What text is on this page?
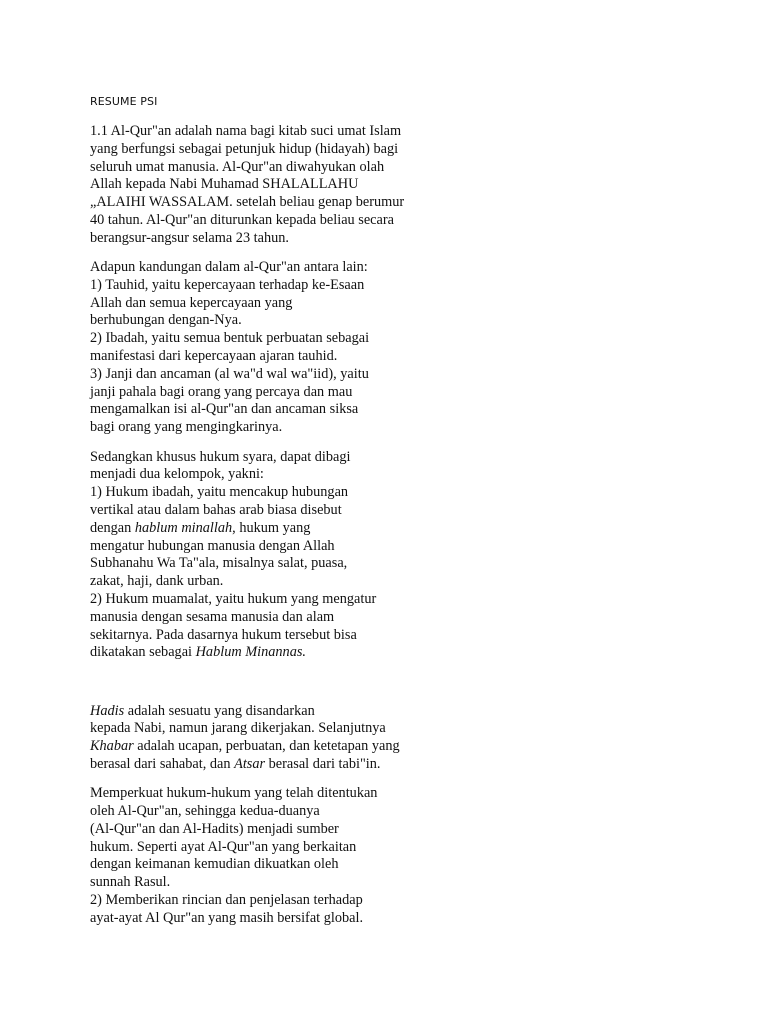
RESUME PSI
1.1 Al-Qur"an adalah nama bagi kitab suci umat Islam
yang berfungsi sebagai petunjuk hidup (hidayah) bagi
seluruh umat manusia. Al-Qur"an diwahyukan olah
Allah kepada Nabi Muhamad SHALALLAHU
„ALAIHI WASSALAM. setelah beliau genap berumur
40 tahun. Al-Qur"an diturunkan kepada beliau secara
berangsur-angsur selama 23 tahun.
Adapun kandungan dalam al-Qur"an antara lain:
1) Tauhid, yaitu kepercayaan terhadap ke-Esaan
Allah dan semua kepercayaan yang
berhubungan dengan-Nya.
2) Ibadah, yaitu semua bentuk perbuatan sebagai
manifestasi dari kepercayaan ajaran tauhid.
3) Janji dan ancaman (al wa"d wal wa"iid), yaitu
janji pahala bagi orang yang percaya dan mau
mengamalkan isi al-Qur"an dan ancaman siksa
bagi orang yang mengingkarinya.
Sedangkan khusus hukum syara, dapat dibagi
menjadi dua kelompok, yakni:
1) Hukum ibadah, yaitu mencakup hubungan
vertikal atau dalam bahas arab biasa disebut
dengan hablum minallah, hukum yang
mengatur hubungan manusia dengan Allah
Subhanahu Wa Ta"ala, misalnya salat, puasa,
zakat, haji, dank urban.
2) Hukum muamalat, yaitu hukum yang mengatur
manusia dengan sesama manusia dan alam
sekitarnya. Pada dasarnya hukum tersebut bisa
dikatakan sebagai Hablum Minannas.
Hadis adalah sesuatu yang disandarkan
kepada Nabi, namun jarang dikerjakan. Selanjutnya
Khabar adalah ucapan, perbuatan, dan ketetapan yang
berasal dari sahabat, dan Atsar berasal dari tabi"in.
Memperkuat hukum-hukum yang telah ditentukan
oleh Al-Qur"an, sehingga kedua-duanya
(Al-Qur"an dan Al-Hadits) menjadi sumber
hukum. Seperti ayat Al-Qur"an yang berkaitan
dengan keimanan kemudian dikuatkan oleh
sunnah Rasul.
2) Memberikan rincian dan penjelasan terhadap
ayat-ayat Al Qur"an yang masih bersifat global.
